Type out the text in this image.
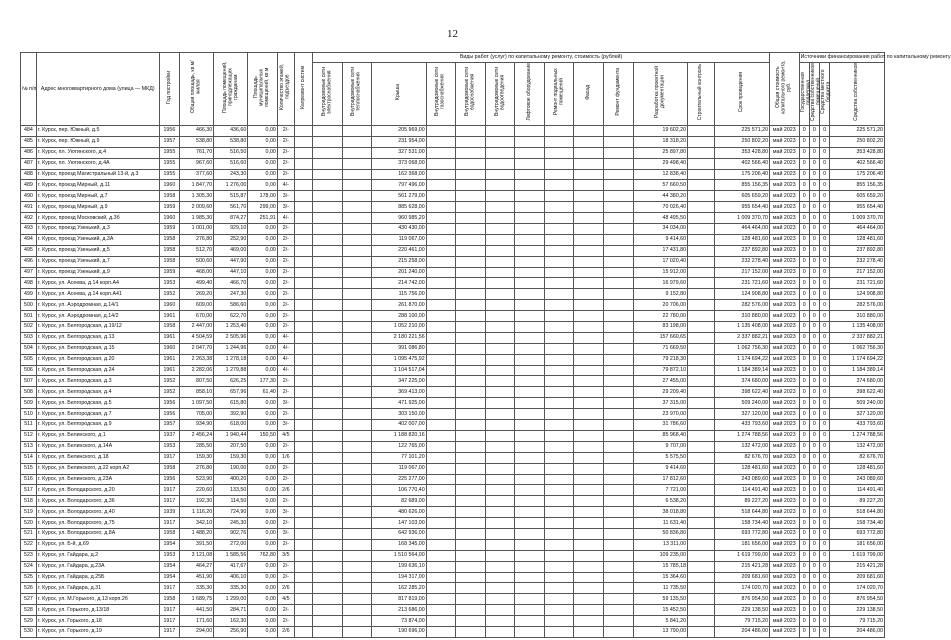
12
№ п/п	Адрес многоквартирного дома (улица — МКД)	Год постройки	Общая площадь, кв.м/жилая	Площадь помещений, принадлежащих гражданам	Площадь муниципальных помещений, кв.м	Количество этажей, подъездов	Капремонт систем	Виды работ (услуг) по капитальному ремонту, стоимость (рублей)													Общая стоимость капитального ремонта, руб.	Источники финансирования работ по капитальному ремонту			
								Внутридомовые сети электроснабжения	Внутридомовые сети теплоснабжения	Крыша	Внутридомовые сети газоснабжения	Внутридомовые сети водоснабжения	Внутридомовые сети водоотведения	Лифтовое оборудование	Ремонт подвальных помещений	Фасад	Ремонт фундамента	Разработка проектной документации	Строительный контроль	Срок проведения		Государственная поддержка	Средства собственников помещений	Средства местного бюджета	Средства собственников
484	г. Курск, пер. Южный, д.5	1956	466,30	436,60	0,00	2/-				205 969,00								19 602,20		225 571,20	май 2023	0	0	0	225 571,20
485	г. Курск, пер. Южный, д.9	1957	538,80	538,80	0,00	2/-				231 954,00								18 318,20		250 802,20	май 2023	0	0	0	250 802,20
486	г. Курск, пл. Уютинского, д.4	1955	761,70	516,50	0,00	2/-				327 531,00								25 897,80		353 428,80	май 2023	0	0	0	353 428,80
487	г. Курск, пл. Уютинского, д.4А	1955	967,60	516,60	0,00	2/-				373 068,00								29 498,40		402 566,40	май 2023	0	0	0	402 566,40
488	г. Курск, проезд Магистральный 13-й, д.3	1955	377,60	243,30	0,00	2/-				162 368,00								12 838,40		175 206,40	май 2023	0	0	0	175 206,40
489	г. Курск, проезд Мирный, д.11	1960	1 847,70	1 276,00	0,00	4/-				797 496,00								57 660,50		855 156,35	май 2023	0	0	0	855 156,35
490	г. Курск, проезд Мирный, д.7	1958	1 305,30	515,87	178,00	3/-				561 279,00								44 380,20		605 659,20	май 2023	0	0	0	605 659,20
491	г. Курск, проезд Мирный, д.9	1959	2 009,60	561,70	299,00	3/-				885 628,00								70 026,40		955 654,40	май 2023	0	0	0	955 654,40
492	г. Курск, проезд Московский, д.3б	1960	1 985,30	874,27	251,91	4/-				960 985,20								48 495,50		1 009 370,70	май 2023	0	0	0	1 009 370,70
493	г. Курск, проезд Узенький, д.3	1959	1 001,00	929,10	0,00	2/-				430 430,00								34 034,00		464 464,00	май 2023	0	0	0	464 464,00
494	г. Курск, проезд Узенький, д.3А	1958	276,80	252,90	0,00	2/-				119 067,00								9 414,60		128 481,60	май 2023	0	0	0	128 481,60
495	г. Курск, проезд Узенький, д.5	1958	512,70	469,00	0,00	2/-				220 461,00								17 431,80		237 892,80	май 2023	0	0	0	237 892,80
496	г. Курск, проезд Узенький, д.7	1958	500,60	447,90	0,00	2/-				215 258,00								17 020,40		232 278,40	май 2023	0	0	0	232 278,40
497	г. Курск, проезд Узенький, д.9	1959	468,00	447,10	0,00	2/-				201 240,00								15 912,00		217 152,00	май 2023	0	0	0	217 152,00
498	г. Курск, ул. Асеева, д.14 корп.А4	1953	499,40	466,70	0,00	2/-				214 742,00								16 979,60		231 721,60	май 2023	0	0	0	231 721,60
499	г. Курск, ул. Асеева, д.14 корп.А41	1952	269,20	247,30	0,00	2/-				115 756,00								9 152,80		124 908,80	май 2023	0	0	0	124 908,80
500	г. Курск, ул. Аэродромная, д.14/1	1960	609,00	586,60	0,00	2/-				261 870,00								20 706,00		282 576,00	май 2023	0	0	0	282 576,00
501	г. Курск, ул. Аэродромная, д.14/2	1961	670,00	622,70	0,00	2/-				288 100,00								22 780,00		310 880,00	май 2023	0	0	0	310 880,00
502	г. Курск, ул. Белгородская, д.19/12	1958	2 447,00	1 253,40	0,00	2/-				1 052 210,00								83 198,00		1 135 408,00	май 2023	0	0	0	1 135 408,00
503	г. Курск, ул. Белгородская, д.13	1961	4 504,59	2 505,96	0,00	4/-				2 180 221,56								157 660,65		2 337 882,21	май 2023	0	0	0	2 337 882,21
504	г. Курск, ул. Белгородская, д.15	1960	2 047,70	1 244,96	0,00	4/-				991 086,80								71 669,50		1 062 756,30	май 2023	0	0	0	1 062 756,30
505	г. Курск, ул. Белгородская, д.20	1961	2 263,38	1 278,18	0,00	4/-				1 095 475,92								79 218,30		1 174 694,22	май 2023	0	0	0	1 174 694,22
506	г. Курск, ул. Белгородская, д.24	1961	2 282,06	1 279,88	0,00	4/-				1 104 517,04								79 872,10		1 184 389,14	май 2023	0	0	0	1 184 389,14
507	г. Курск, ул. Белгородская, д.3	1952	807,50	626,25	177,30	2/-				347 225,00								27 455,00		374 680,00	май 2023	0	0	0	374 680,00
508	г. Курск, ул. Белгородская, д.4	1952	858,10	657,96	61,40	2/-				369 413,00								29 209,40		398 622,40	май 2023	0	0	0	398 622,40
509	г. Курск, ул. Белгородская, д.5	1956	1 097,50	615,80	0,00	3/-				471 925,00								37 315,00		509 240,00	май 2023	0	0	0	509 240,00
510	г. Курск, ул. Белгородская, д.7	1956	705,00	392,90	0,00	2/-				303 150,00								23 970,00		327 120,00	май 2023	0	0	0	327 120,00
511	г. Курск, ул. Белгородская, д.9	1957	934,90	618,00	0,00	3/-				402 007,00								31 786,60		433 793,60	май 2023	0	0	0	433 793,60
512	г. Курск, ул. Белинского, д.1	1937	2 456,24	1 940,44	150,50	4/5				1 188 820,16								85 968,40		1 274 788,56	май 2023	0	0	0	1 274 788,56
513	г. Курск, ул. Белинского, д.14А	1953	285,50	207,50	0,00	2/-				122 765,00								9 707,00		132 472,00	май 2023	0	0	0	132 472,00
514	г. Курск, ул. Белинского, д.18	1917	159,30	159,30	0,00	1/6				77 101,20								5 575,50		82 676,70	май 2023	0	0	0	82 676,70
515	г. Курск, ул. Белинского, д.22 корп.А2	1958	276,80	190,00	0,00	2/-				119 067,00								9 414,60		128 481,60	май 2023	0	0	0	128 481,60
516	г. Курск, ул. Белинского, д.23А	1956	523,90	400,20	0,00	2/-				225 277,00								17 812,60		243 089,60	май 2023	0	0	0	243 089,60
517	г. Курск, ул. Володарского, д.20	1917	220,60	133,50	0,00	2/6				106 770,40								7 721,00		114 491,40	май 2023	0	0	0	114 491,40
518	г. Курск, ул. Володарского, д.36	1917	192,30	114,50	0,00	2/-				82 689,00								6 538,20		89 227,20	май 2023	0	0	0	89 227,20
519	г. Курск, ул. Володарского, д.40	1939	1 116,20	724,90	0,00	3/-				480 626,00								38 018,80		518 644,80	май 2023	0	0	0	518 644,80
520	г. Курск, ул. Володарского, д.75	1917	342,10	245,30	0,00	2/-				147 103,00								11 631,40		158 734,40	май 2023	0	0	0	158 734,40
521	г. Курск, ул. Володарского, д.8А	1958	1 488,20	902,76	0,00	3/-				642 936,00								50 836,80		693 772,80	май 2023	0	0	0	693 772,80
522	г. Курск, ул. Б-й, д.69	1954	391,50	272,00	0,00	2/-				168 345,00								13 311,00		181 656,00	май 2023	0	0	0	181 656,00
523	г. Курск, ул. Гайдара, д.2	1953	3 121,08	1 585,56	762,80	3/5				1 510 564,00								109 235,00		1 619 799,00	май 2023	0	0	0	1 619 799,00
524	г. Курск, ул. Гайдара, д.23А	1954	464,27	417,67	0,00	2/-				199 636,10								15 785,18		215 421,28	май 2023	0	0	0	215 421,28
525	г. Курск, ул. Гайдара, д.25Б	1954	451,90	406,10	0,00	2/-				194 317,00								15 364,60		209 681,60	май 2023	0	0	0	209 681,60
526	г. Курск, ул. Гайдара, д.31	1917	335,30	335,30	0,00	2/6				162 285,20								11 735,50		174 020,70	май 2023	0	0	0	174 020,70
527	г. Курск, ул. М.Горького, д.13 корп.2б	1958	1 689,75	1 299,00	0,00	4/5				817 819,00								59 135,50		876 954,50	май 2023	0	0	0	876 954,50
528	г. Курск, ул. Горького, д.13/18	1917	441,50	284,71	0,00	2/-				213 686,00								15 452,50		229 138,50	май 2023	0	0	0	229 138,50
529	г. Курск, ул. Горького, д.18	1917	171,60	162,30	0,00	2/-				73 874,00								5 841,20		79 715,20	май 2023	0	0	0	79 715,20
530	г. Курск, ул. Горького, д.19	1917	294,00	256,90	0,00	2/6				190 696,00								13 790,00		204 486,00	май 2023	0	0	0	204 486,00
